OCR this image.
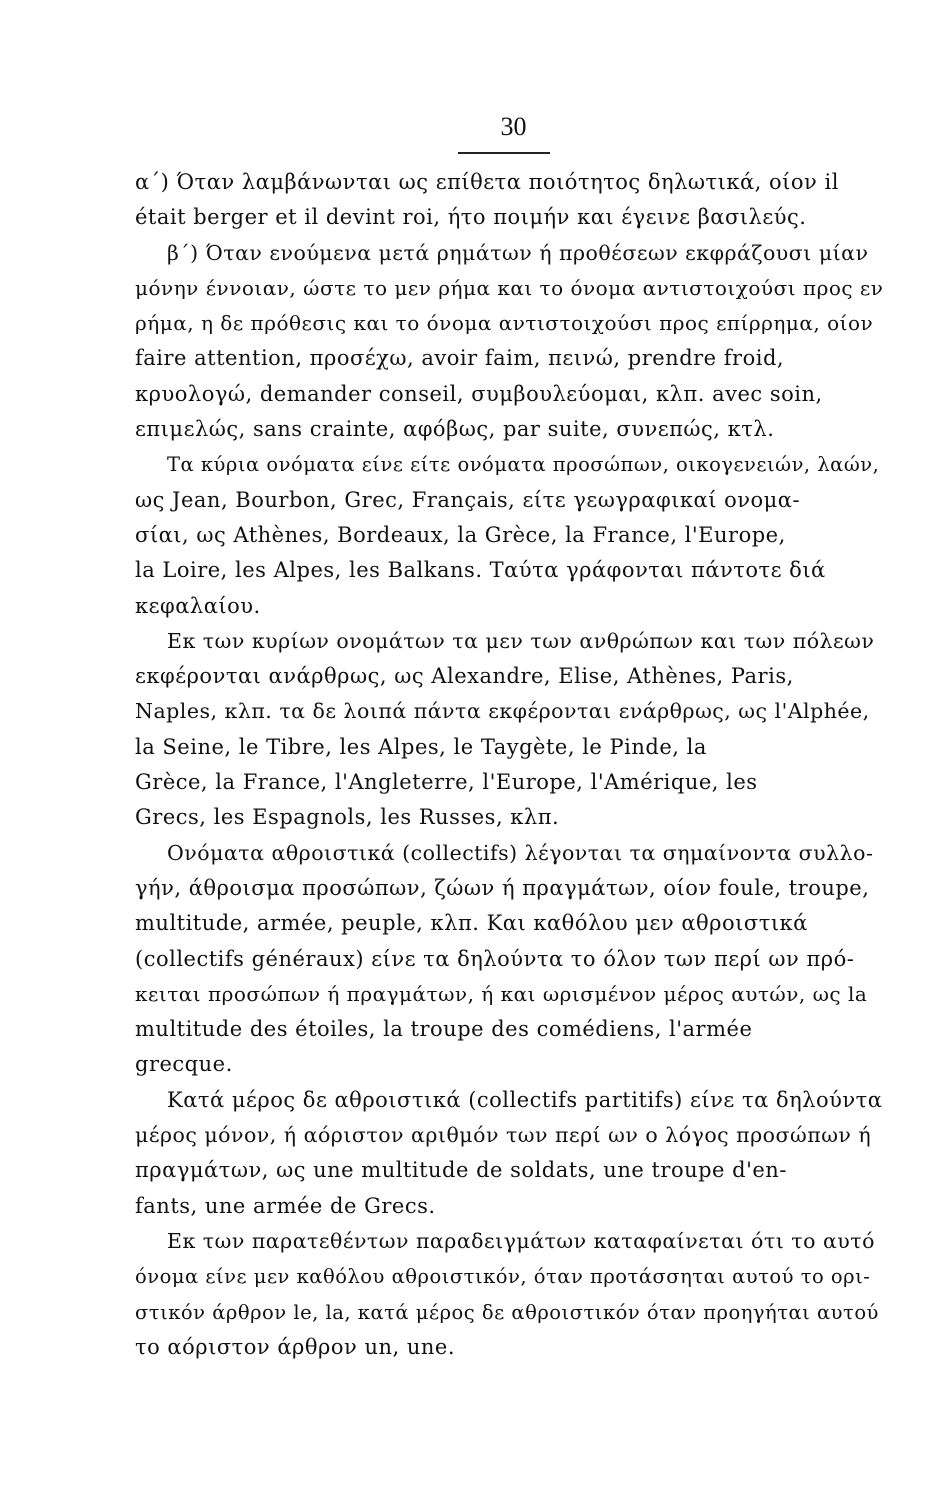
30
α΄) Όταν λαμβάνωνται ως επίθετα ποιότητος δηλωτικά, οίον il
était berger et il devint roi, ήτο ποιμήν και έγεινε βασιλεύς.
β΄) Όταν ενούμενα μετά ρημάτων ή προθέσεων εκφράζουσι μίαν
μόνην έννοιαν, ώστε το μεν ρήμα και το όνομα αντιστοιχούσι προς εν
ρήμα, η δε πρόθεσις και το όνομα αντιστοιχούσι προς επίρρημα, οίον
faire attention, προσέχω, avoir faim, πεινώ, prendre froid,
κρυολογώ, demander conseil, συμβουλεύομαι, κλπ. avec soin,
επιμελώς, sans crainte, αφόβως, par suite, συνεπώς, κτλ.
Τα κύρια ονόματα είνε είτε ονόματα προσώπων, οικογενειών, λαών,
ως Jean, Bourbon, Grec, Français, είτε γεωγραφικαί ονομα-
σίαι, ως Athènes, Bordeaux, la Grèce, la France, l'Europe,
la Loire, les Alpes, les Balkans. Ταύτα γράφονται πάντοτε διά
κεφαλαίου.
Εκ των κυρίων ονομάτων τα μεν των ανθρώπων και των πόλεων
εκφέρονται ανάρθρως, ως Alexandre, Elise, Athènes, Paris,
Naples, κλπ. τα δε λοιπά πάντα εκφέρονται ενάρθρως, ως l'Alphée,
la Seine, le Tibre, les Alpes, le Taygète, le Pinde, la
Grèce, la France, l'Angleterre, l'Europe, l'Amérique, les
Grecs, les Espagnols, les Russes, κλπ.
Ονόματα αθροιστικά (collectifs) λέγονται τα σημαίνοντα συλλο-
γήν, άθροισμα προσώπων, ζώων ή πραγμάτων, οίον foule, troupe,
multitude, armée, peuple, κλπ. Και καθόλου μεν αθροιστικά
(collectifs généraux) είνε τα δηλούντα το όλον των περί ων πρό-
κειται προσώπων ή πραγμάτων, ή και ωρισμένον μέρος αυτών, ως la
multitude des étoiles, la troupe des comédiens, l'armée
grecque.
Κατά μέρος δε αθροιστικά (collectifs partitifs) είνε τα δηλούντα
μέρος μόνον, ή αόριστον αριθμόν των περί ων ο λόγος προσώπων ή
πραγμάτων, ως une multitude de soldats, une troupe d'en-
fants, une armée de Grecs.
Εκ των παρατεθέντων παραδειγμάτων καταφαίνεται ότι το αυτό
όνομα είνε μεν καθόλου αθροιστικόν, όταν προτάσσηται αυτού το ορι-
στικόν άρθρον le, la, κατά μέρος δε αθροιστικόν όταν προηγήται αυτού
το αόριστον άρθρον un, une.
